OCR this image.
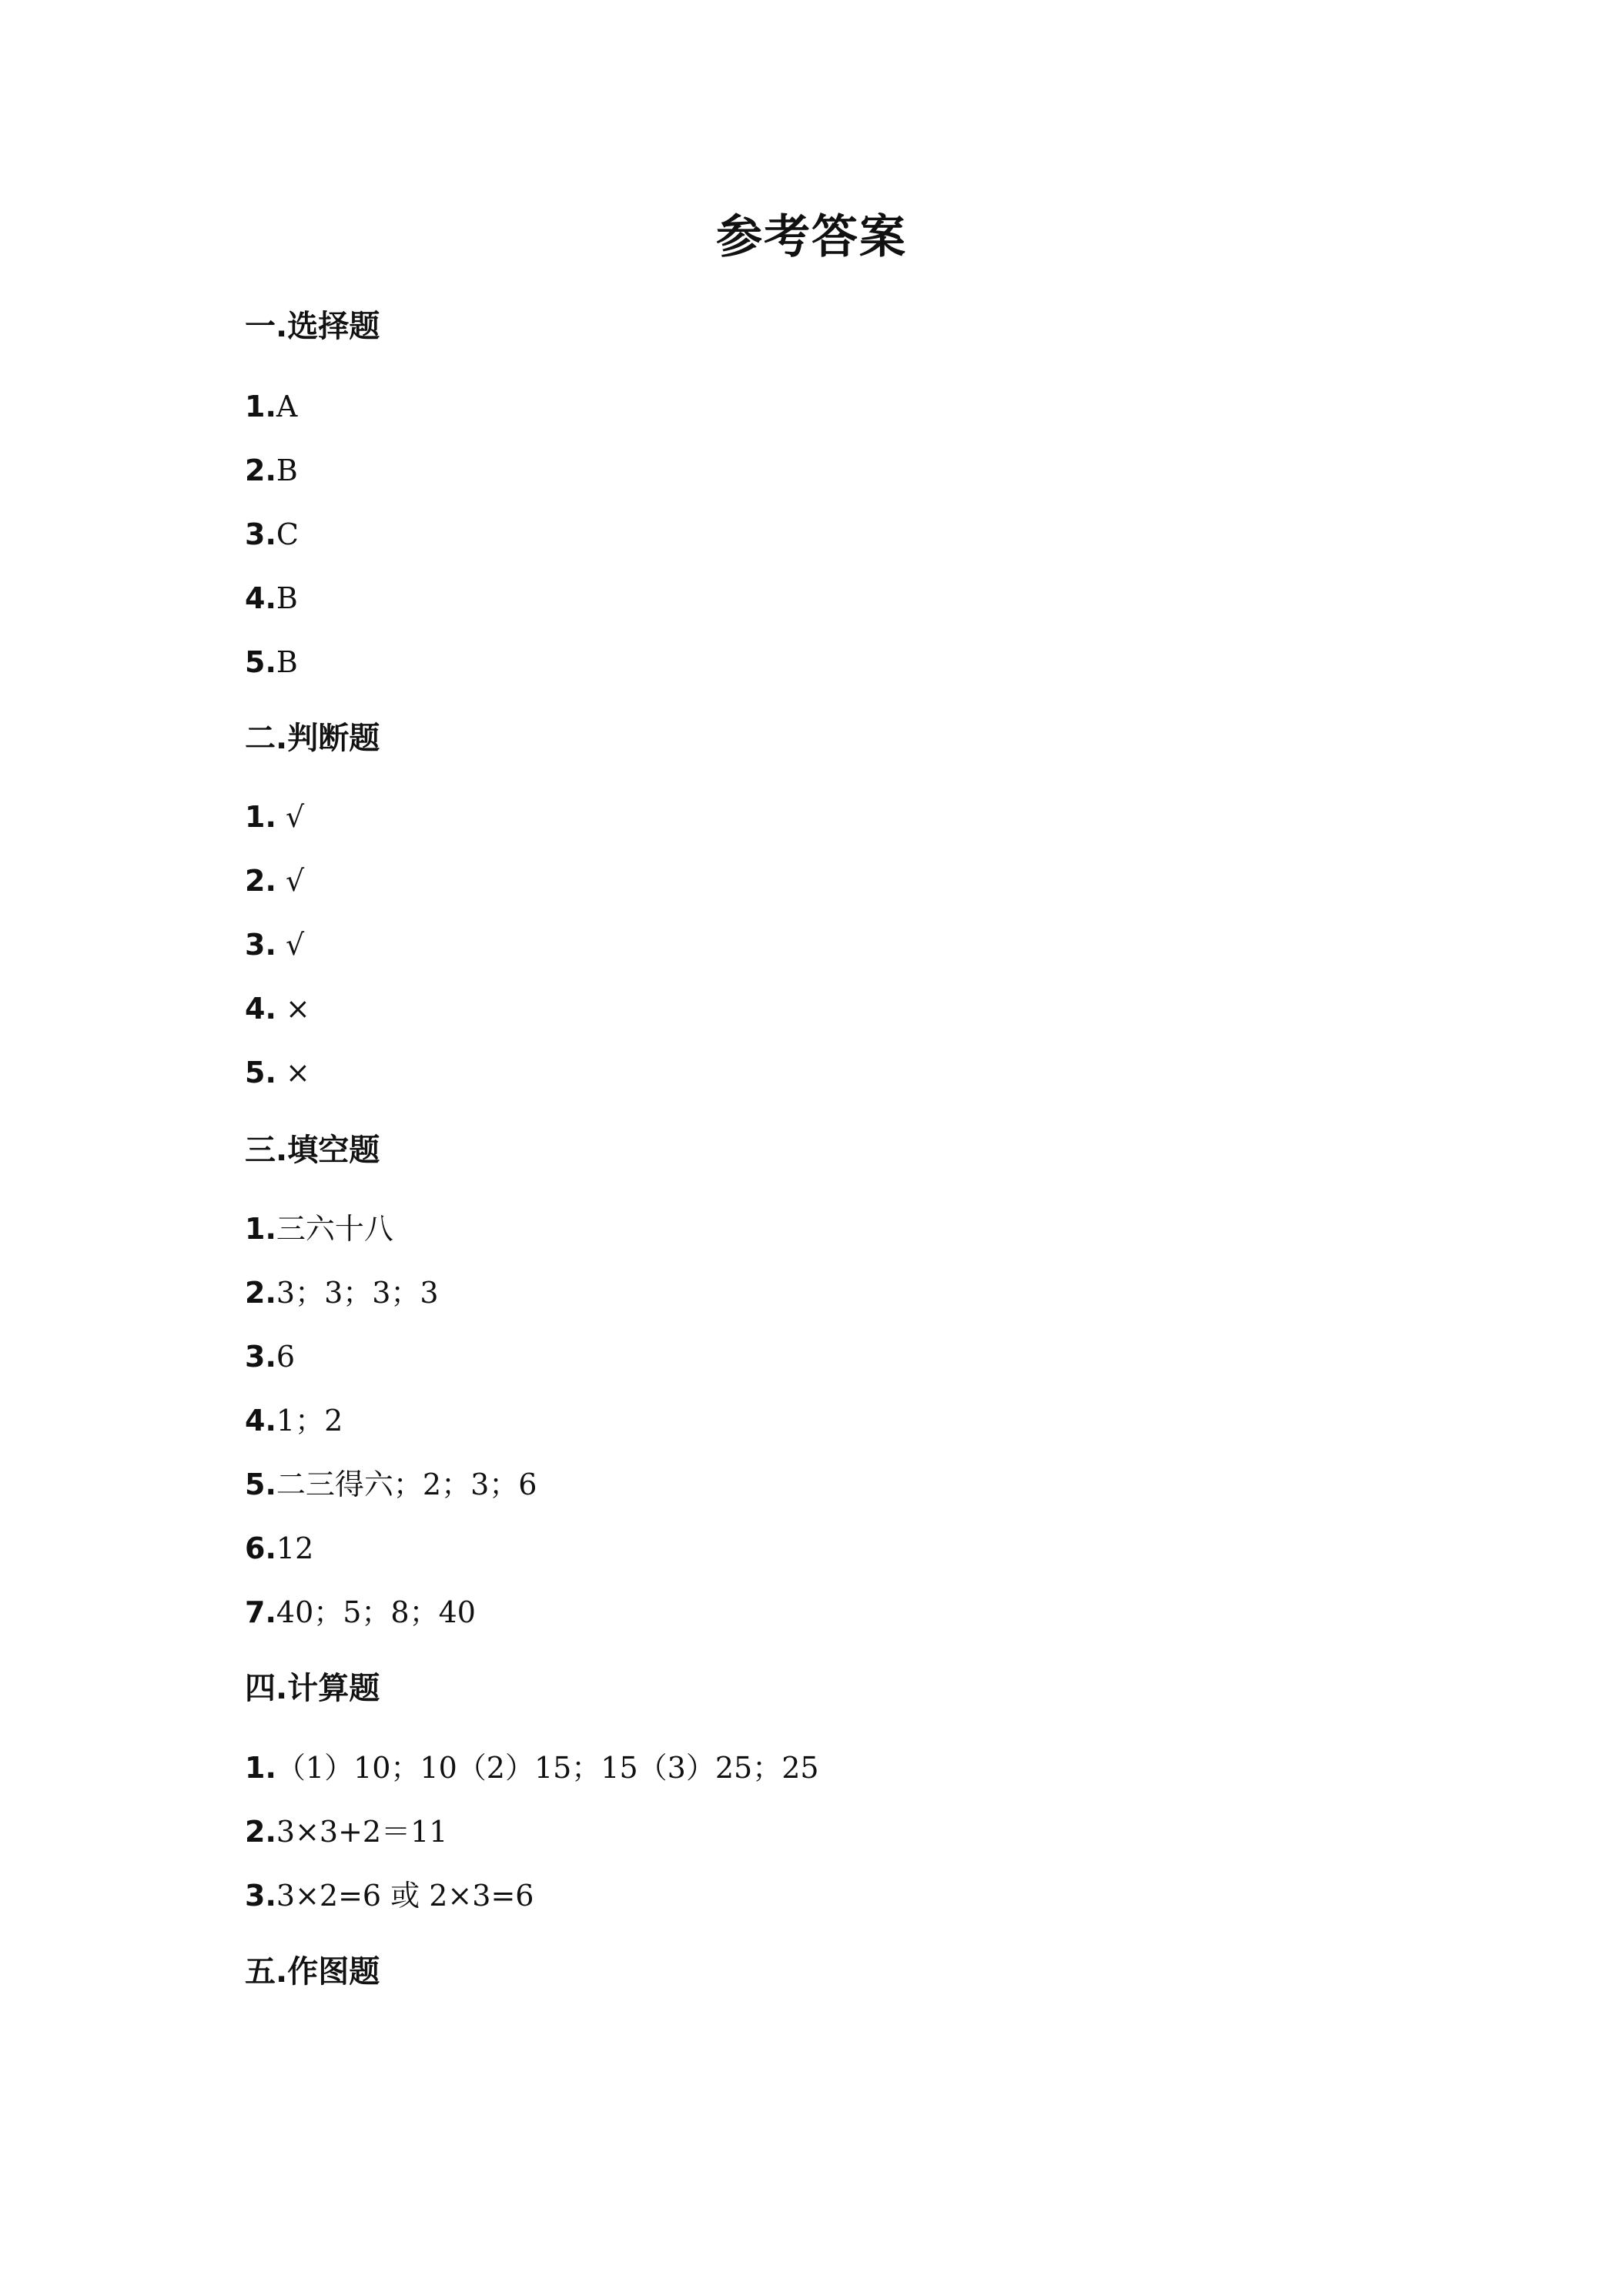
参考答案
一.选择题
1.A
2.B
3.C
4.B
5.B
二.判断题
1. √
2. √
3. √
4. ×
5. ×
三.填空题
1.三六十八
2.3；3；3；3
3.6
4.1；2
5.二三得六；2；3；6
6.12
7.40；5；8；40
四.计算题
1.（1）10；10（2）15；15（3）25；25
2.3×3+2＝11
3.3×2=6 或 2×3=6
五.作图题
